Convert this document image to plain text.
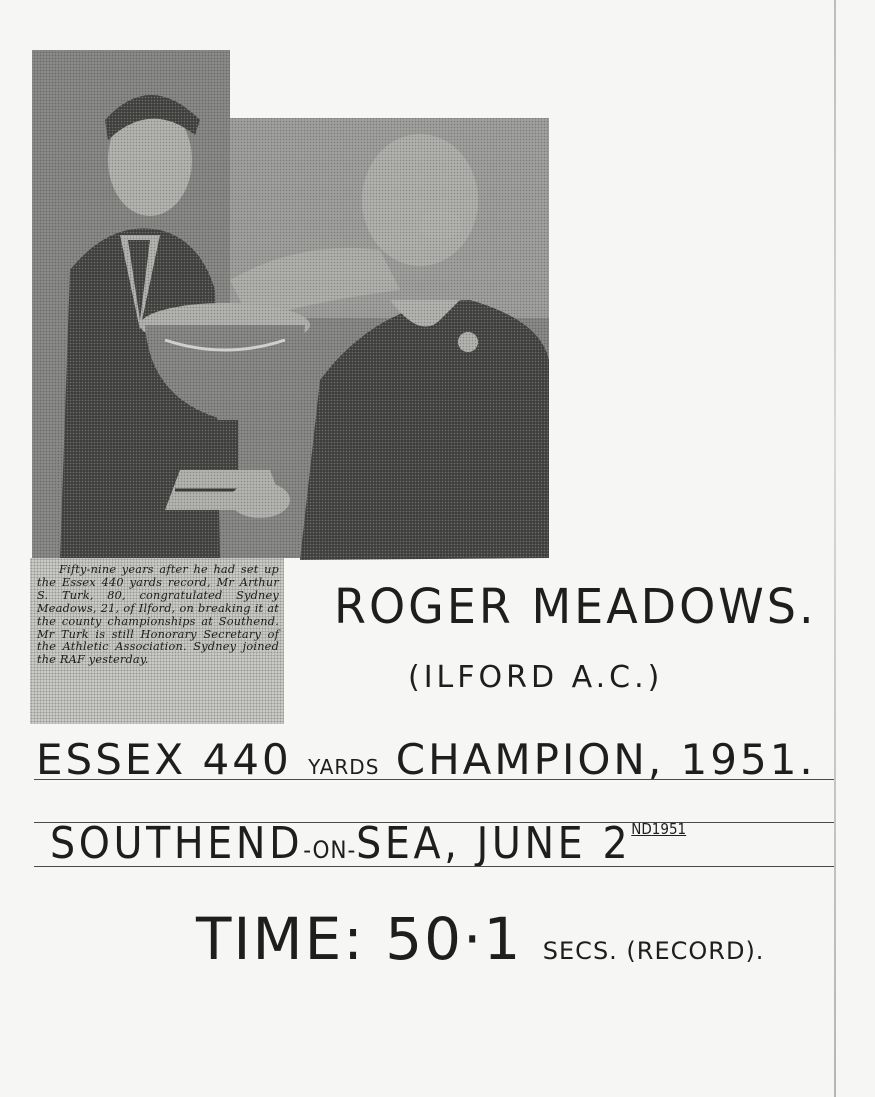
Fifty-nine years after he had set up the Essex 440 yards record, Mr Arthur S. Turk, 80, congratulated Sydney Meadows, 21, of Ilford, on breaking it at the county championships at Southend. Mr Turk is still Honorary Secretary of the Athletic Association. Sydney joined the RAF yesterday.
ROGER MEADOWS.
(ILFORD A.C.)
ESSEX 440 YARDS CHAMPION, 1951.
SOUTHEND-ON-SEA, JUNE $2^{ND1951}$
TIME: 50·1 SECS. (RECORD).
